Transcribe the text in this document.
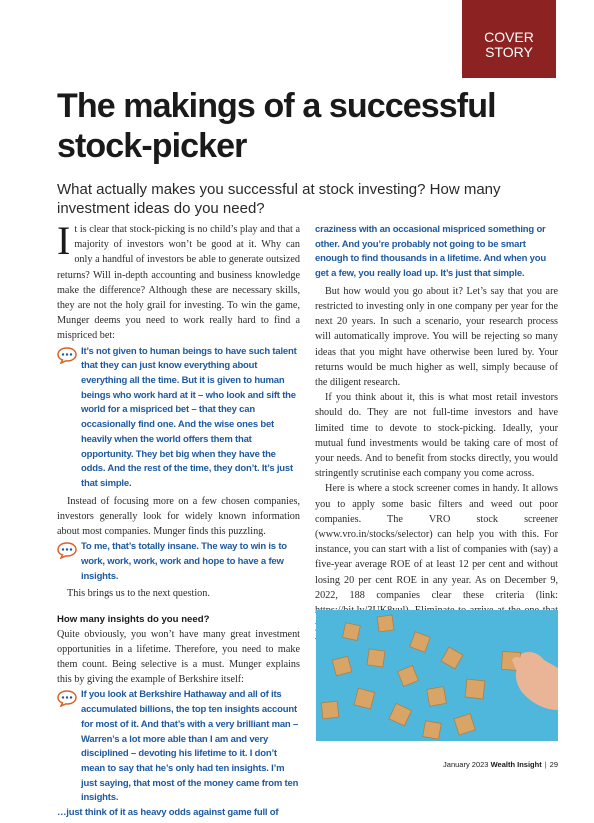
COVER
STORY
The makings of a successful stock-picker

What actually makes you successful at stock investing? How many investment ideas do you need?

It is clear that stock-picking is no child’s play and that a majority of investors won’t be good at it. Why can only a handful of investors be able to generate outsized returns? Will in-depth accounting and business knowledge make the difference? Although these are necessary skills, they are not the holy grail for investing. To win the game, Munger deems you need to work really hard to find a mispriced bet:

It’s not given to human beings to have such talent that they can just know everything about everything all the time. But it is given to human beings who work hard at it – who look and sift the world for a mispriced bet – that they can occasionally find one. And the wise ones bet heavily when the world offers them that opportunity. They bet big when they have the odds. And the rest of the time, they don’t. It’s just that simple.

Instead of focusing more on a few chosen companies, investors generally look for widely known information about most companies. Munger finds this puzzling.

To me, that’s totally insane. The way to win is to work, work, work, work and hope to have a few insights.

This brings us to the next question.

How many insights do you need?

Quite obviously, you won’t have many great investment opportunities in a lifetime. Therefore, you need to make them count. Being selective is a must. Munger explains this by giving the example of Berkshire itself:

If you look at Berkshire Hathaway and all of its accumulated billions, the top ten insights account for most of it. And that’s with a very brilliant man – Warren’s a lot more able than I am and very disciplined – devoting his lifetime to it. I don’t mean to say that he’s only had ten insights. I’m just saying, that most of the money came from ten insights.
…just think of it as heavy odds against game full of
craziness with an occasional mispriced something or other. And you’re probably not going to be smart enough to find thousands in a lifetime. And when you get a few, you really load up. It’s just that simple.

But how would you go about it? Let’s say that you are restricted to investing only in one company per year for the next 20 years. In such a scenario, your research process will automatically improve. You will be rejecting so many ideas that you might have otherwise been lured by. Your returns would be much higher as well, simply because of the diligent research.

If you think about it, this is what most retail investors should do. They are not full-time investors and have limited time to devote to stock-picking. Ideally, your mutual fund investments would be taking care of most of your needs. And to benefit from stocks directly, you would stringently scrutinise each company you come across.

Here is where a stock screener comes in handy. It allows you to apply some basic filters and weed out poor companies. The VRO stock screener (www.vro.in/stocks/selector) can help you with this. For instance, you can start with a list of companies with (say) a five-year average ROE of at least 12 per cent and without losing 20 per cent ROE in any year. As on December 9, 2022, 188 companies clear these criteria (link:

January 2023 Wealth Insight | 29
